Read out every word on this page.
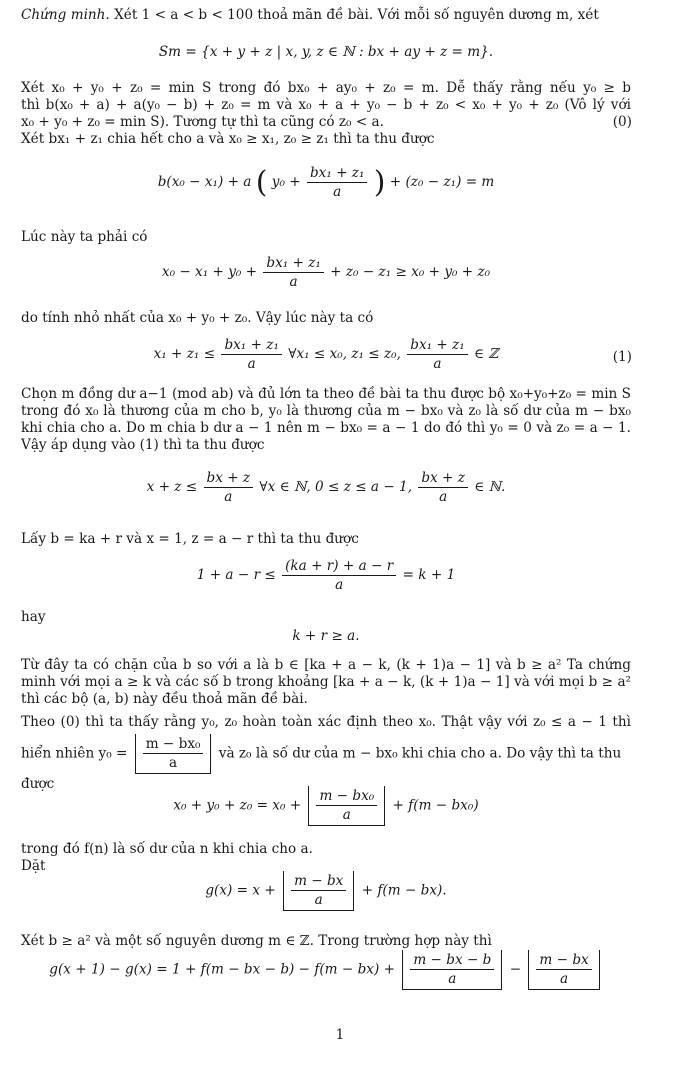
Chứng minh. Xét 1 < a < b < 100 thoả mãn đề bài. Với mỗi số nguyên dương m, xét
Sm = {x + y + z | x, y, z ∈ ℕ : bx + ay + z = m}.
Xét x₀ + y₀ + z₀ = min S trong đó bx₀ + ay₀ + z₀ = m. Dễ thấy rằng nếu y₀ ≥ b
thì b(x₀ + a) + a(y₀ − b) + z₀ = m và x₀ + a + y₀ − b + z₀ < x₀ + y₀ + z₀ (Vô lý với
x₀ + y₀ + z₀ = min S). Tương tự thì ta cũng có z₀ < a.	(0)
Xét bx₁ + z₁ chia hết cho a và x₀ ≥ x₁, z₀ ≥ z₁ thì ta thu được
b(x₀ − x₁) + a ( $y_0 + \frac{\text{bx₁ + z₁}}{a}$ ) + (z₀ − z₁) = m
Lúc này ta phải có
$x_0 - x_1 + y_0 + \frac{\text{bx₁ + z₁}}{a} + z_0 - z_1 \ge x_0 + y_0 + z_0$
do tính nhỏ nhất của x₀ + y₀ + z₀. Vậy lúc này ta có
$x_1 + z_1 \le \frac{\text{bx₁ + z₁}}{a}$ ∀x₁ ≤ x₀, z₁ ≤ z₀, $\frac{\text{bx₁ + z₁}}{a}$ ∈ ℤ	(1)
Chọn m đồng dư a−1 (mod ab) và đủ lớn ta theo đề bài ta thu được bộ x₀+y₀+z₀ = min S
trong đó x₀ là thương của m cho b, y₀ là thương của m − bx₀ và z₀ là số dư của m − bx₀
khi chia cho a. Do m chia b dư a − 1 nên m − bx₀ = a − 1 do đó thì y₀ = 0 và z₀ = a − 1.
Vậy áp dụng vào (1) thì ta thu được
$x + z \le \frac{bx + z}{a}$ ∀x ∈ ℕ, 0 ≤ z ≤ a − 1, $\frac{bx + z}{a}$ ∈ ℕ.
Lấy b = ka + r và x = 1, z = a − r thì ta thu được
$1 + a - r \le \frac{(ka + r) + a - r}{a} = k + 1$
hay
k + r ≥ a.
Từ đây ta có chặn của b so với a là b ∈ [ka + a − k, (k + 1)a − 1] và b ≥ a² Ta chứng
minh với mọi a ≥ k và các số b trong khoảng [ka + a − k, (k + 1)a − 1] và với mọi b ≥ a²
thì các bộ (a, b) này đều thoả mãn đề bài.
Theo (0) thì ta thấy rằng y₀, z₀ hoàn toàn xác định theo x₀. Thật vậy với z₀ ≤ a − 1 thì
hiển nhiên $y_0 = \frac{\text{m − bx₀}}{a}$ và z₀ là số dư của m − bx₀ khi chia cho a. Do vậy thì ta thu
được
$x_0 + y_0 + z_0 = x_0 + \frac{\text{m − bx₀}}{a} + f(m - bx_0)$
trong đó f(n) là số dư của n khi chia cho a.
Dặt
$g(x) = x + \frac{m - bx}{a} + f(m - bx)$.
Xét b ≥ a² và một số nguyên dương m ∈ ℤ. Trong trường hợp này thì
g(x + 1) − g(x) = 1 + f(m − bx − $b) - f(m - bx) + \frac{m - bx - b}{a} - \frac{m - bx}{a}$
1
